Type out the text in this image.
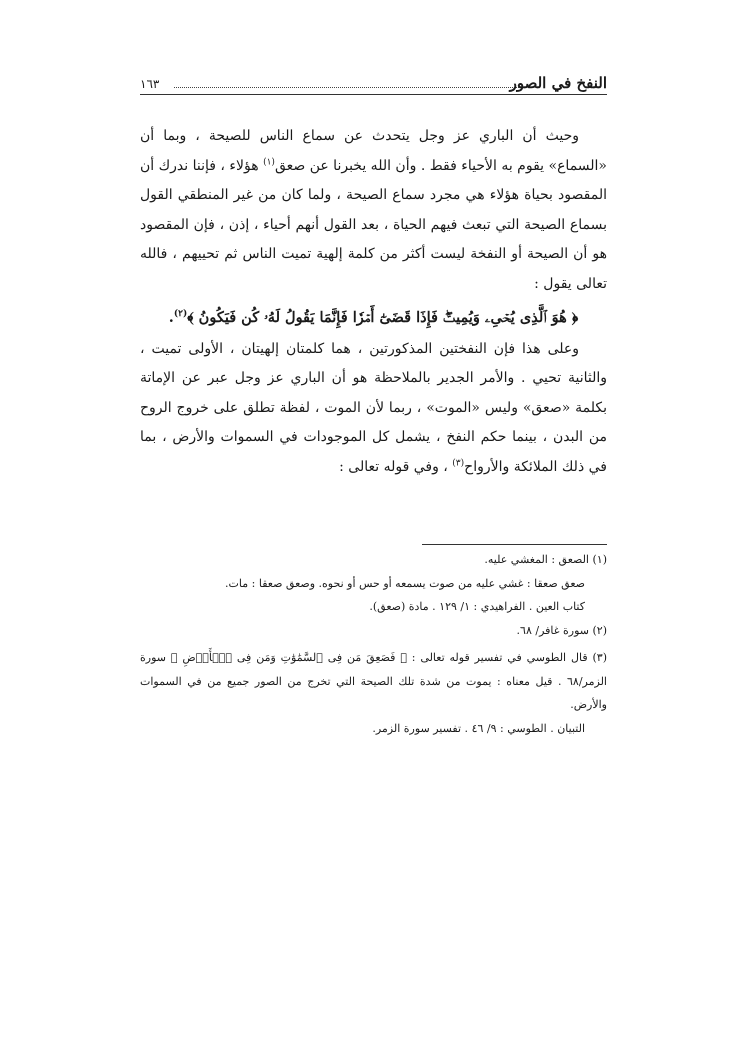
١٦٣	النفخ في الصور

وحيث أن الباري عز وجل يتحدث عن سماع الناس للصيحة ، وبما أن «السماع» يقوم به الأحياء فقط . وأن الله يخبرنا عن صعق$^{(١)}$ هؤلاء ، فإننا ندرك أن المقصود بحياة هؤلاء هي مجرد سماع الصيحة ، ولما كان من غير المنطقي القول بسماع الصيحة التي تبعث فيهم الحياة ، بعد القول أنهم أحياء ، إذن ، فإن المقصود هو أن الصيحة أو النفخة ليست أكثر من كلمة إلهية تميت الناس ثم تحييهم ، فالله تعالى يقول :

﴿ هُوَ ٱلَّذِى يُحۡىِۦ وَيُمِيتُۖ فَإِذَا قَضَىٰٓ أَمۡرٗا فَإِنَّمَا يَقُولُ لَهُۥ كُن فَيَكُونُ ﴾$^{(٢)}$.

وعلى هذا فإن النفختين المذكورتين ، هما كلمتان إلهيتان ، الأولى تميت ، والثانية تحيي . والأمر الجدير بالملاحظة هو أن الباري عز وجل عبر عن الإماتة بكلمة «صعق» وليس «الموت» ، ربما لأن الموت ، لفظة تطلق على خروج الروح من البدن ، بينما حكم النفخ ، يشمل كل الموجودات في السموات والأرض ، بما في ذلك الملائكة والأرواح$^{(٣)}$ ، وفي قوله تعالى :

(١) الصعق : المغشي عليه.

صعق صعقا : غشي عليه من صوت يسمعه أو حس أو نحوه. وصعق صعقا : مات.

كتاب العين . الفراهيدي : ١/ ١٢٩ . مادة (صعق).

(٢) سورة غافر/ ٦٨.

(٣) قال الطوسي في تفسير قوله تعالى : ﴿ فَصَعِقَ مَن فِى ٱلسَّمَٰوَٰتِ وَمَن فِى ٱلۡأَرۡضِ ﴾ سورة الزمر/٦٨ . قيل معناه : يموت من شدة تلك الصيحة التي تخرج من الصور جميع من في السموات والأرض.

التبيان . الطوسي : ٩/ ٤٦ . تفسير سورة الزمر.
